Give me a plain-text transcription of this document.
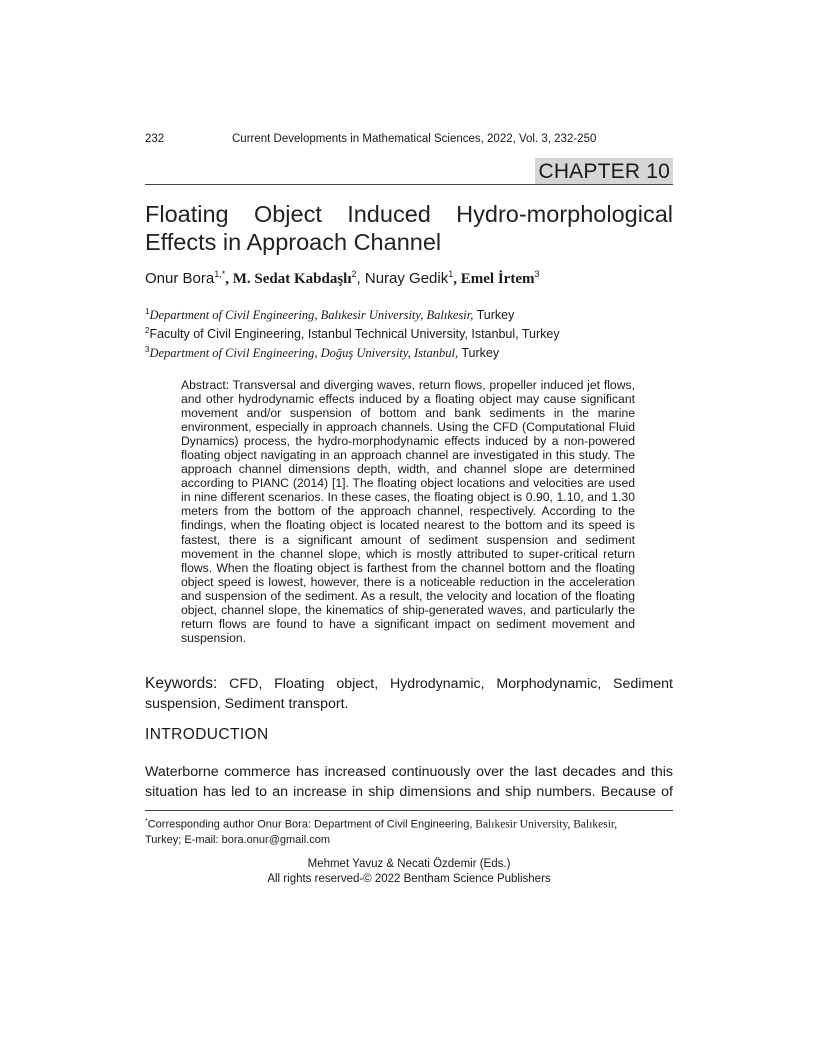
232	Current Developments in Mathematical Sciences, 2022, Vol. 3, 232-250
CHAPTER 10
Floating Object Induced Hydro-morphological
Effects in Approach Channel
Onur Bora$^{1,*}$, M. Sedat Kabdaşlı$^2$, Nuray Gedik$^1$, Emel İrtem$^3$
$^1$Department of Civil Engineering, Balıkesir University, Balıkesir, Turkey
$^2$Faculty of Civil Engineering, Istanbul Technical University, Istanbul, Turkey
$^3$Department of Civil Engineering, Doğuş University, Istanbul, Turkey
Abstract: Transversal and diverging waves, return flows, propeller induced jet flows, and other hydrodynamic effects induced by a floating object may cause significant movement and/or suspension of bottom and bank sediments in the marine environment, especially in approach channels. Using the CFD (Computational Fluid Dynamics) process, the hydro-morphodynamic effects induced by a non-powered floating object navigating in an approach channel are investigated in this study. The approach channel dimensions depth, width, and channel slope are determined according to PIANC (2014) [1]. The floating object locations and velocities are used in nine different scenarios. In these cases, the floating object is 0.90, 1.10, and 1.30 meters from the bottom of the approach channel, respectively. According to the findings, when the floating object is located nearest to the bottom and its speed is fastest, there is a significant amount of sediment suspension and sediment movement in the channel slope, which is mostly attributed to super-critical return flows. When the floating object is farthest from the channel bottom and the floating object speed is lowest, however, there is a noticeable reduction in the acceleration and suspension of the sediment. As a result, the velocity and location of the floating object, channel slope, the kinematics of ship-generated waves, and particularly the return flows are found to have a significant impact on sediment movement and suspension.
Keywords: CFD, Floating object, Hydrodynamic, Morphodynamic, Sediment suspension, Sediment transport.
INTRODUCTION
Waterborne commerce has increased continuously over the last decades and this
situation has led to an increase in ship dimensions and ship numbers. Because of
*Corresponding author Onur Bora: Department of Civil Engineering, Balıkesir University, Balıkesir,
Turkey; E-mail: bora.onur@gmail.com
Mehmet Yavuz & Necati Özdemir (Eds.)
All rights reserved-© 2022 Bentham Science Publishers
